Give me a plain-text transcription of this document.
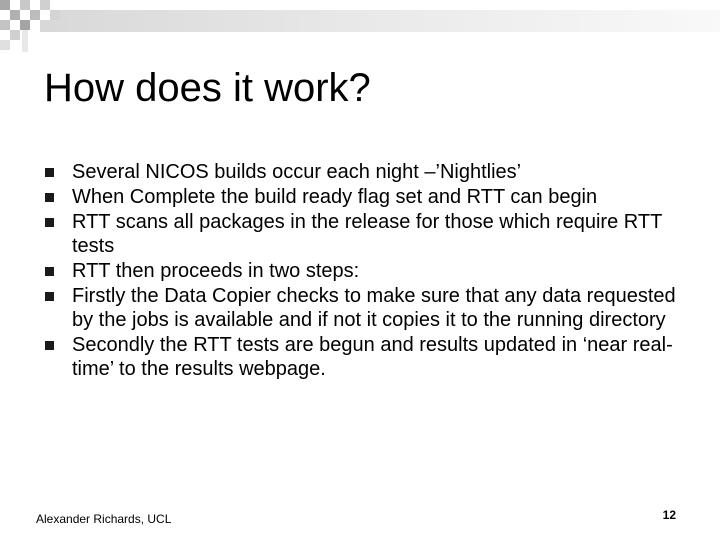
How does it work?
Several NICOS builds occur each night –’Nightlies’
When Complete the build ready flag set and RTT can begin
RTT scans all packages in the release for those which require RTT tests
RTT then proceeds in two steps:
Firstly the Data Copier checks to make sure that any data requested by the jobs is available and if not it copies it to the running directory
Secondly the RTT tests are begun and results updated in ‘near real-time’ to the results webpage.
Alexander Richards, UCL	12
